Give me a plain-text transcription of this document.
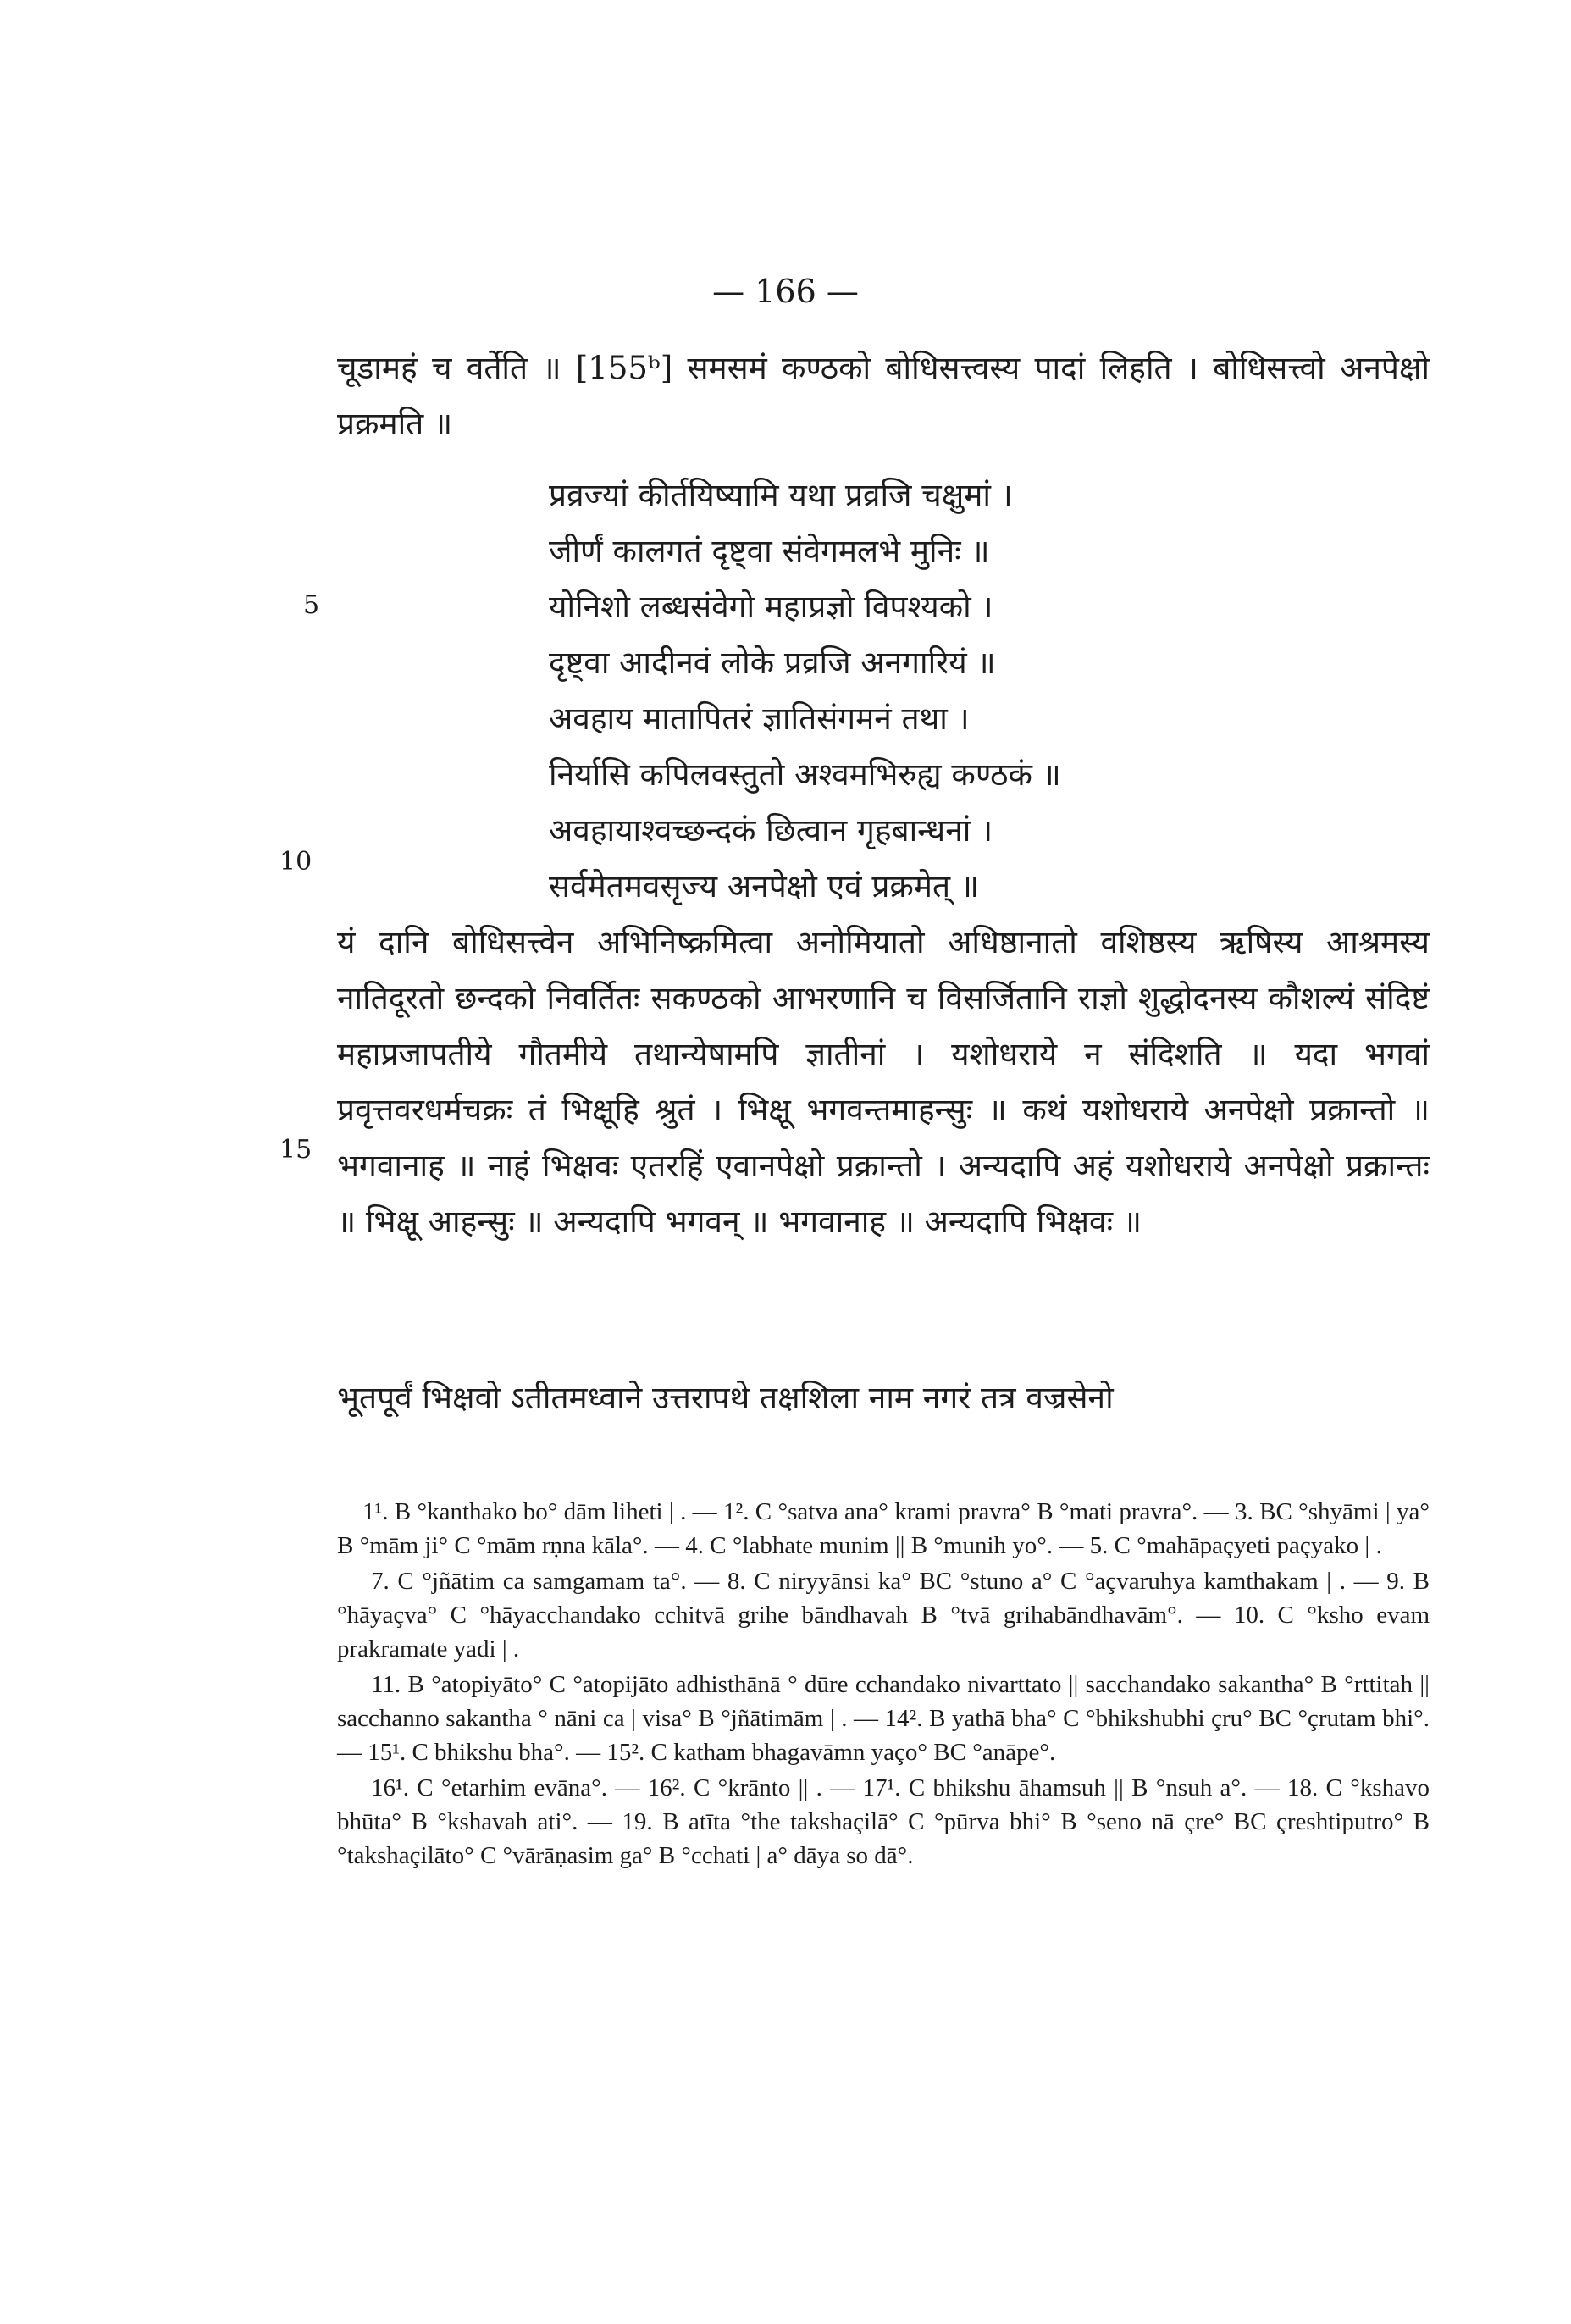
— 166 —

चूडामहं च वर्तेति ॥ [155ᵇ] समसमं कण्ठको बोधिसत्त्वस्य पादां लिहति । बोधिसत्त्वो अनपेक्षो प्रक्रमति ॥

प्रव्रज्यां कीर्तयिष्यामि यथा प्रव्रजि चक्षुमां ।
जीर्णं कालगतं दृष्ट्वा संवेगमलभे मुनिः ॥
योनिशो लब्धसंवेगो महाप्रज्ञो विपश्यको ।
दृष्ट्वा आदीनवं लोके प्रव्रजि अनगारियं ॥
अवहाय मातापितरं ज्ञातिसंगमनं तथा ।
निर्यासि कपिलवस्तुतो अश्वमभिरुह्य कण्ठकं ॥
अवहायाश्वच्छन्दकं छित्वान गृहबान्धनां ।
सर्वमेतमवसृज्य अनपेक्षो एवं प्रक्रमेत् ॥
5
10
15

यं दानि बोधिसत्त्वेन अभिनिष्क्रमित्वा अनोमियातो अधिष्ठानातो वशिष्ठस्य ऋषिस्य आश्रमस्य नातिदूरतो छन्दको निवर्तितः सकण्ठको आभरणानि च विसर्जितानि राज्ञो शुद्धोदनस्य कौशल्यं संदिष्टं महाप्रजापतीये गौतमीये तथान्येषामपि ज्ञातीनां । यशोधराये न संदिशति ॥ यदा भगवां प्रवृत्तवरधर्मचक्रः तं भिक्षूहि श्रुतं । भिक्षू भगवन्तमाहन्सुः ॥ कथं यशोधराये अनपेक्षो प्रक्रान्तो ॥ भगवानाह ॥ नाहं भिक्षवः एतरहिं एवानपेक्षो प्रक्रान्तो । अन्यदापि अहं यशोधराये अनपेक्षो प्रक्रान्तः ॥ भिक्षू आहन्सुः ॥ अन्यदापि भगवन् ॥ भगवानाह ॥ अन्यदापि भिक्षवः ॥

भूतपूर्वं भिक्षवो ऽतीतमध्वाने उत्तरापथे तक्षशिला नाम नगरं तत्र वज्रसेनो

1¹. B °kanthako bo° dām liheti | . — 1². C °satva ana° krami pravra° B °mati pravra°. — 3. BC °shyāmi | ya° B °mām ji° C °mām rṇna kāla°. — 4. C °labhate munim || B °munih yo°. — 5. C °mahāpaçyeti paçyako | .

7. C °jñātim ca samgamam ta°. — 8. C niryyānsi ka° BC °stuno a° C °açvaruhya kamthakam | . — 9. B °hāyaçva° C °hāyacchandako cchitvā grihe bāndhavah B °tvā grihabāndhavām°. — 10. C °ksho evam prakramate yadi | .

11. B °atopiyāto° C °atopijāto adhisthānā ° dūre cchandako nivarttato || sacchandako sakantha° B °rttitah || sacchanno sakantha ° nāni ca | visa° B °jñātimām | . — 14². B yathā bha° C °bhikshubhi çru° BC °çrutam bhi°. — 15¹. C bhikshu bha°. — 15². C katham bhagavāmn yaço° BC °anāpe°.

16¹. C °etarhim evāna°. — 16². C °krānto || . — 17¹. C bhikshu āhamsuh || B °nsuh a°. — 18. C °kshavo bhūta° B °kshavah ati°. — 19. B atīta °the takshaçilā° C °pūrva bhi° B °seno nā çre° BC çreshtiputro° B °takshaçilāto° C °vārāṇasim ga° B °cchati | a° dāya so dā°.
